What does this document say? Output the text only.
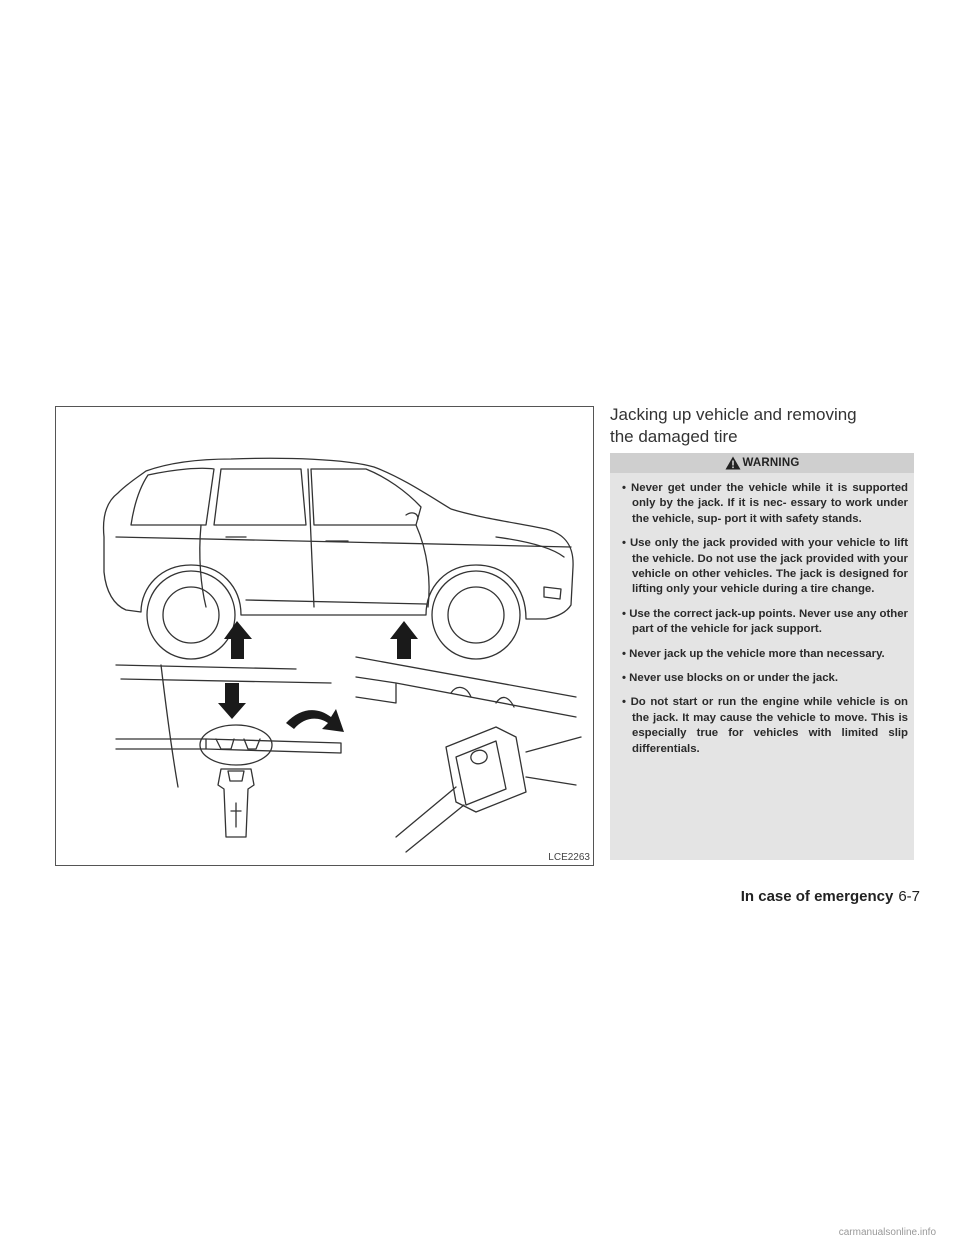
LCE2263
Jacking up vehicle and removing
the damaged tire
WARNING
• Never get under the vehicle while it is supported only by the jack. If it is nec- essary to work under the vehicle, sup- port it with safety stands.
• Use only the jack provided with your vehicle to lift the vehicle. Do not use the jack provided with your vehicle on other vehicles. The jack is designed for lifting only your vehicle during a tire change.
• Use the correct jack-up points. Never use any other part of the vehicle for jack support.
• Never jack up the vehicle more than necessary.
• Never use blocks on or under the jack.
• Do not start or run the engine while vehicle is on the jack. It may cause the vehicle to move. This is especially true for vehicles with limited slip differentials.
In case of emergency 6-7
carmanualsonline.info
